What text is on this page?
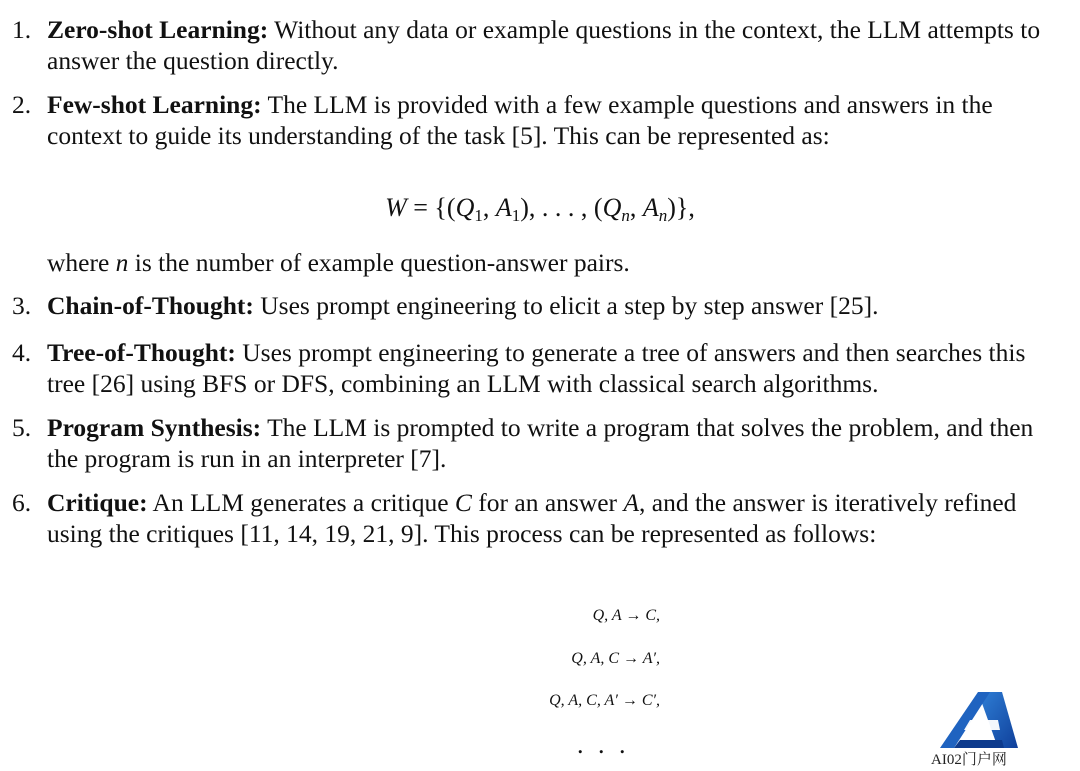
1. Zero-shot Learning: Without any data or example questions in the context, the LLM attempts to answer the question directly.
2. Few-shot Learning: The LLM is provided with a few example questions and answers in the context to guide its understanding of the task [5]. This can be represented as:
$W = \{(Q_1$, $A_1$), . . . , ($Q_n$, $A_n$)},
where n is the number of example question-answer pairs.
3. Chain-of-Thought: Uses prompt engineering to elicit a step by step answer [25].
4. Tree-of-Thought: Uses prompt engineering to generate a tree of answers and then searches this tree [26] using BFS or DFS, combining an LLM with classical search algorithms.
5. Program Synthesis: The LLM is prompted to write a program that solves the problem, and then the program is run in an interpreter [7].
6. Critique: An LLM generates a critique C for an answer A, and the answer is iteratively refined using the critiques [11, 14, 19, 21, 9]. This process can be represented as follows:
Q, A → C,
Q, A, C → A′,
Q, A, C, A′ → C′,
. . .
AI02门户网
